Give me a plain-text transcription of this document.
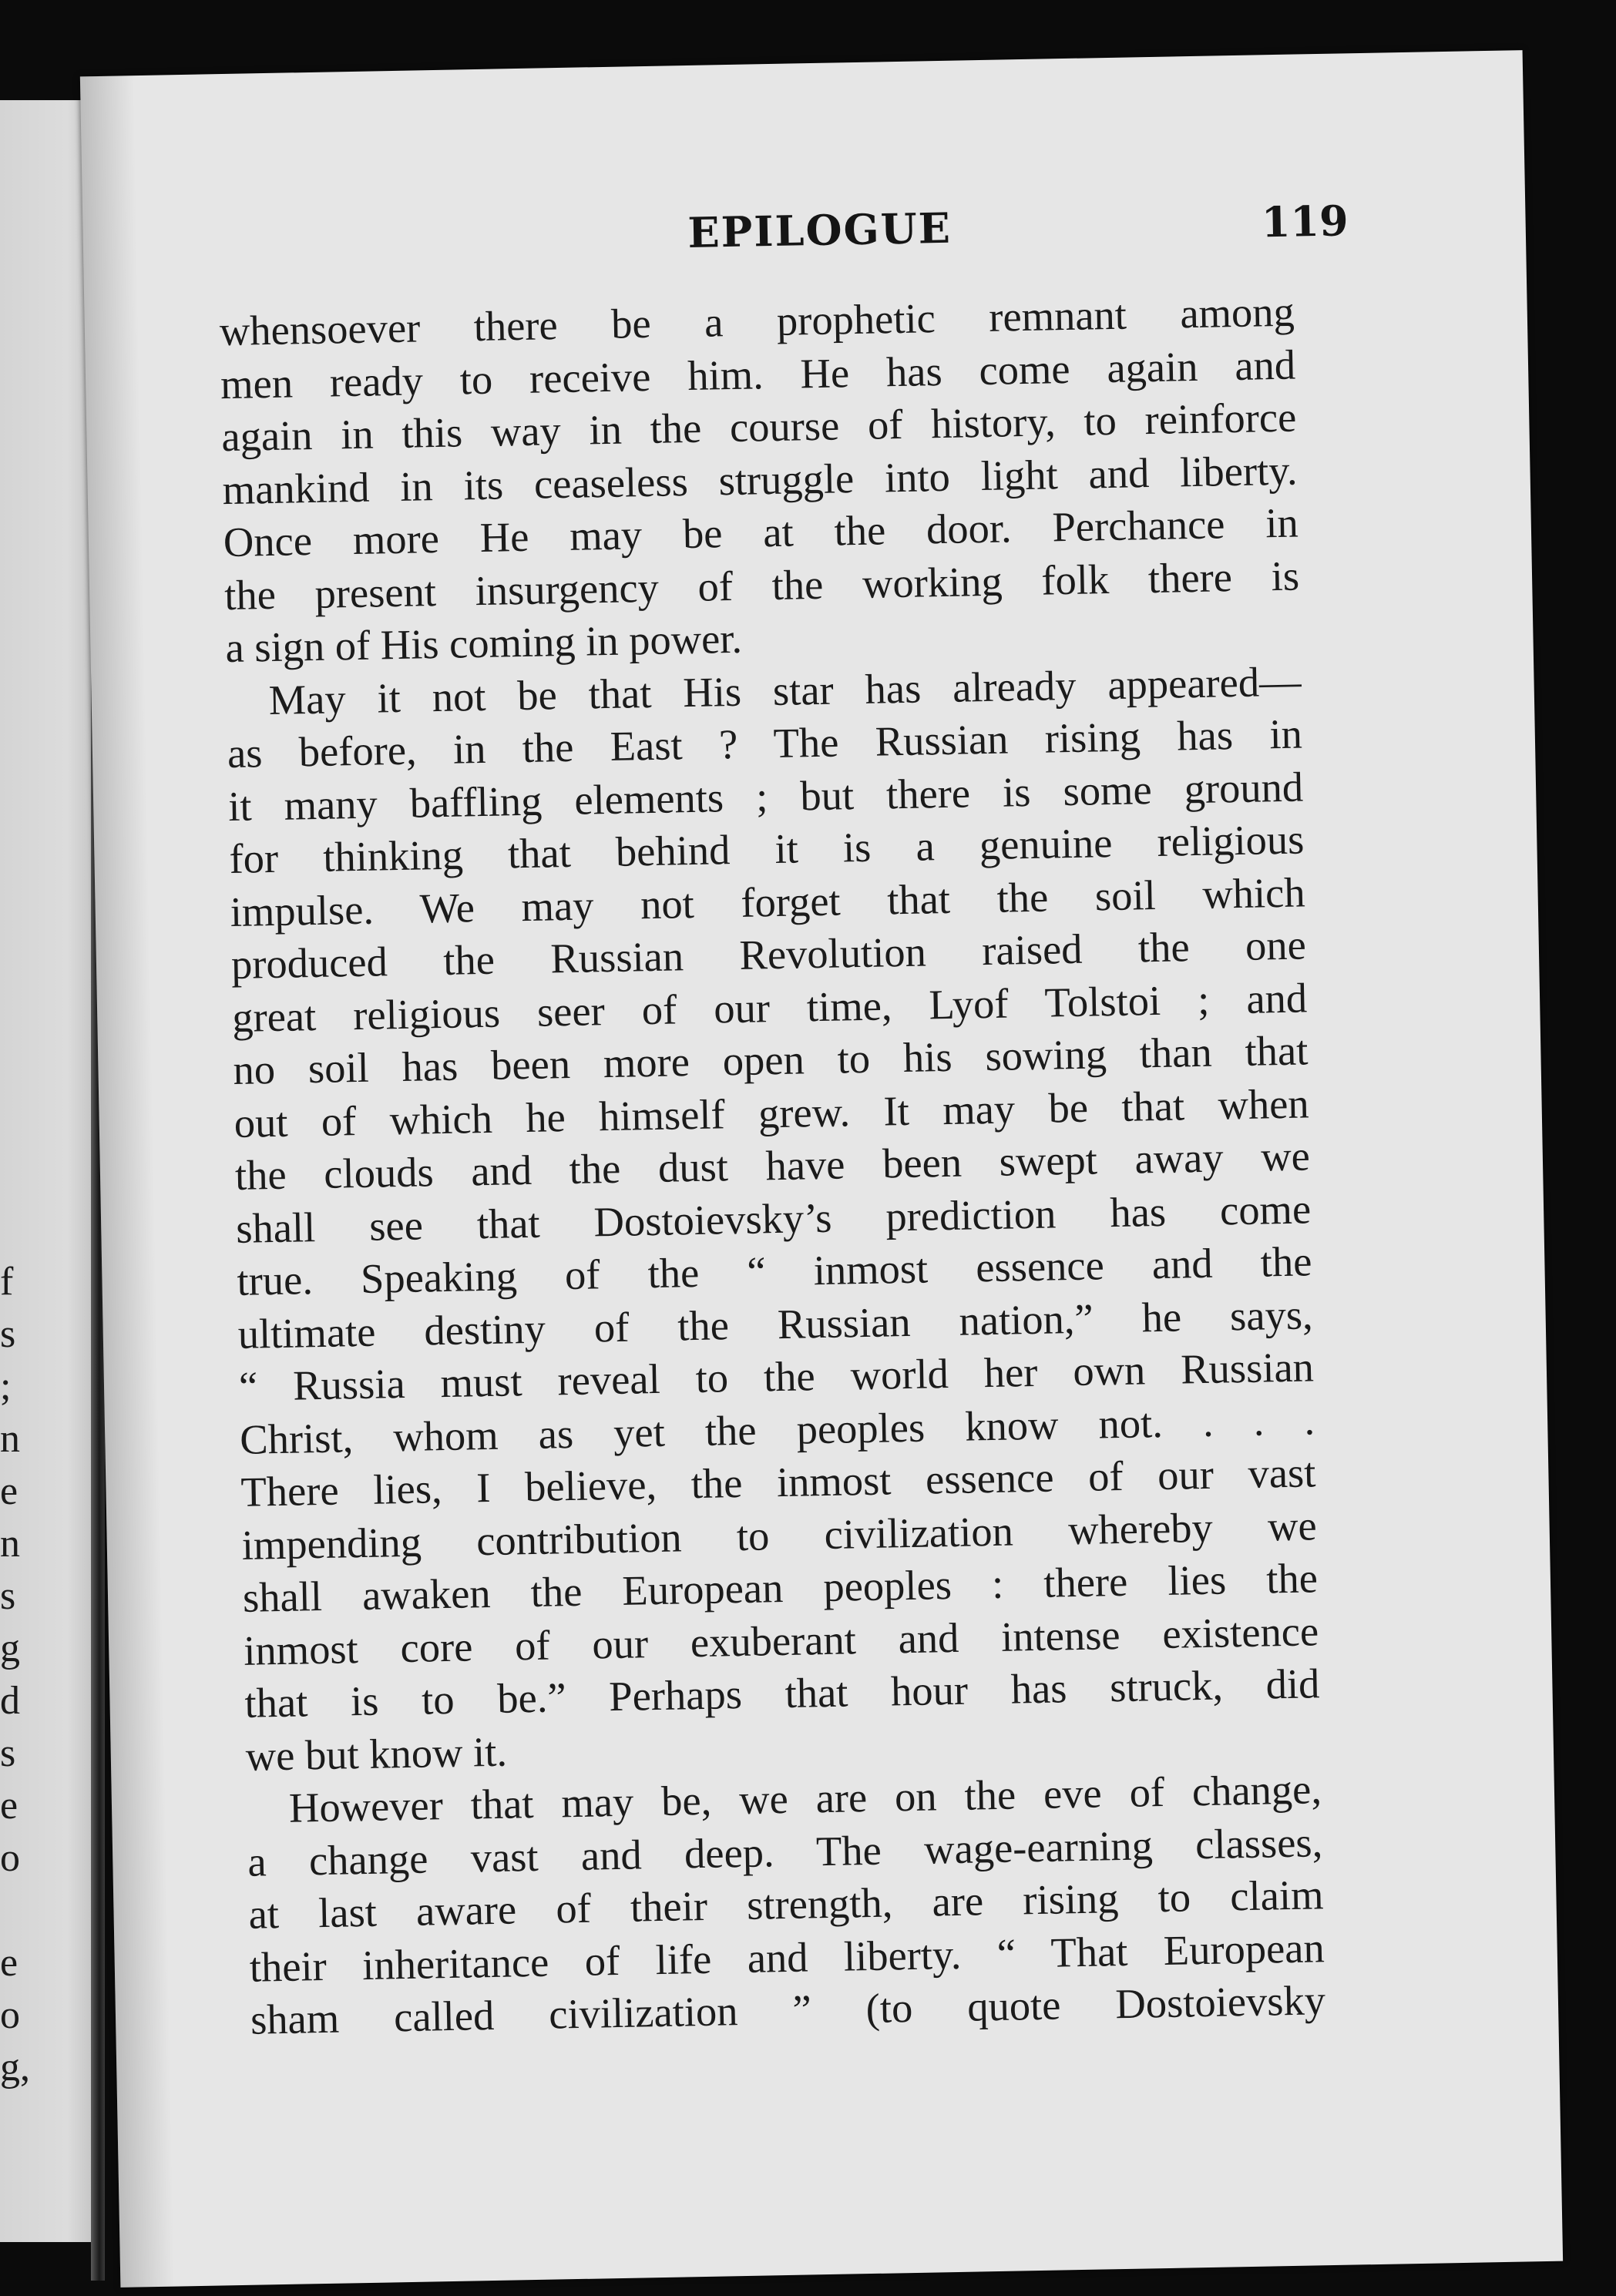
f
s
;
n
e
n
s
g
d
s
e
o
e
o
g,
EPILOGUE	119
whensoever there be a prophetic remnant among
men ready to receive him. He has come again and
again in this way in the course of history, to reinforce
mankind in its ceaseless struggle into light and liberty.
Once more He may be at the door. Perchance in
the present insurgency of the working folk there is
a sign of His coming in power.
May it not be that His star has already appeared—
as before, in the East ? The Russian rising has in
it many baffling elements ; but there is some ground
for thinking that behind it is a genuine religious
impulse. We may not forget that the soil which
produced the Russian Revolution raised the one
great religious seer of our time, Lyof Tolstoi ; and
no soil has been more open to his sowing than that
out of which he himself grew. It may be that when
the clouds and the dust have been swept away we
shall see that Dostoievsky’s prediction has come
true. Speaking of the “ inmost essence and the
ultimate destiny of the Russian nation,” he says,
“ Russia must reveal to the world her own Russian
Christ, whom as yet the peoples know not. . . .
There lies, I believe, the inmost essence of our vast
impending contribution to civilization whereby we
shall awaken the European peoples : there lies the
inmost core of our exuberant and intense existence
that is to be.” Perhaps that hour has struck, did
we but know it.
However that may be, we are on the eve of change,
a change vast and deep. The wage-earning classes,
at last aware of their strength, are rising to claim
their inheritance of life and liberty. “ That European
sham called civilization ” (to quote Dostoievsky
